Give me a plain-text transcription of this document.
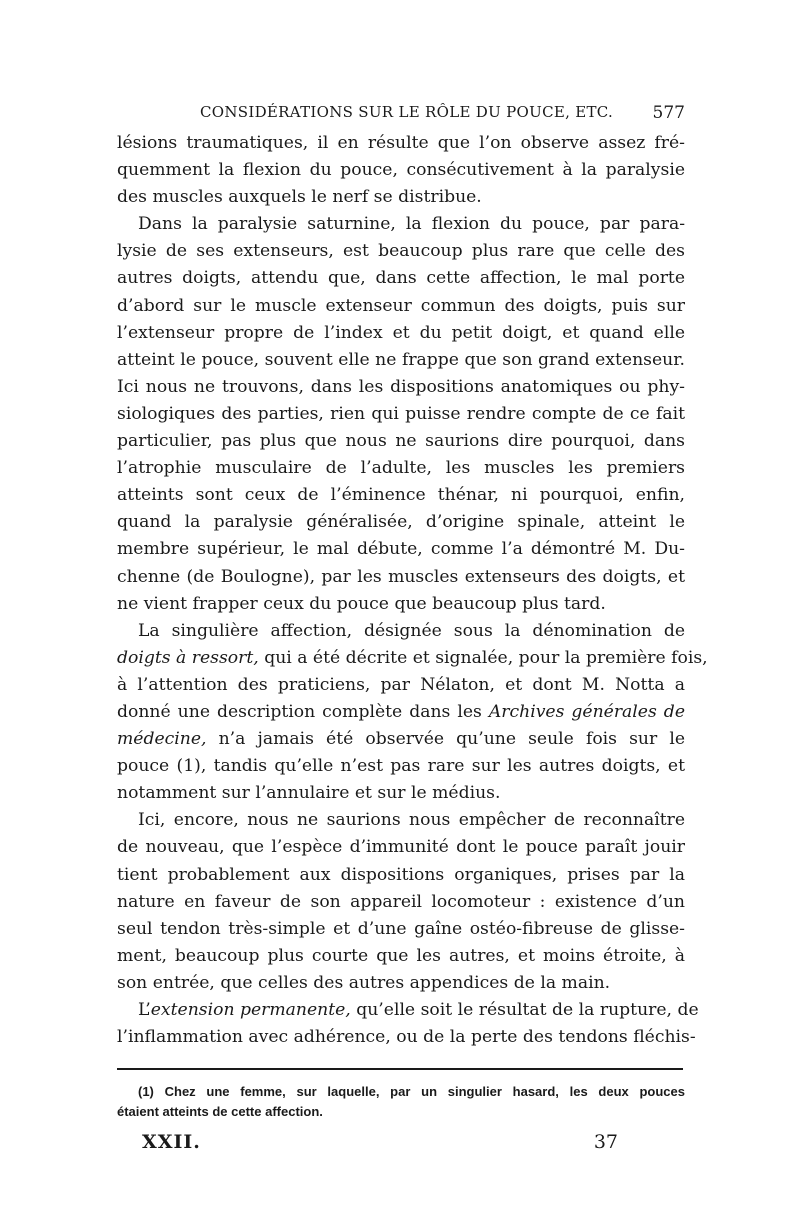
CONSIDÉRATIONS SUR LE RÔLE DU POUCE, ETC. 577
lésions traumatiques, il en résulte que l’on observe assez fré-
quemment la flexion du pouce, consécutivement à la paralysie
des muscles auxquels le nerf se distribue.
Dans la paralysie saturnine, la flexion du pouce, par para-
lysie de ses extenseurs, est beaucoup plus rare que celle des
autres doigts, attendu que, dans cette affection, le mal porte
d’abord sur le muscle extenseur commun des doigts, puis sur
l’extenseur propre de l’index et du petit doigt, et quand elle
atteint le pouce, souvent elle ne frappe que son grand extenseur.
Ici nous ne trouvons, dans les dispositions anatomiques ou phy-
siologiques des parties, rien qui puisse rendre compte de ce fait
particulier, pas plus que nous ne saurions dire pourquoi, dans
l’atrophie musculaire de l’adulte, les muscles les premiers
atteints sont ceux de l’éminence thénar, ni pourquoi, enfin,
quand la paralysie généralisée, d’origine spinale, atteint le
membre supérieur, le mal débute, comme l’a démontré M. Du-
chenne (de Boulogne), par les muscles extenseurs des doigts, et
ne vient frapper ceux du pouce que beaucoup plus tard.
La singulière affection, désignée sous la dénomination de
doigts à ressort, qui a été décrite et signalée, pour la première fois,
à l’attention des praticiens, par Nélaton, et dont M. Notta a
donné une description complète dans les Archives générales de
médecine, n’a jamais été observée qu’une seule fois sur le
pouce (1), tandis qu’elle n’est pas rare sur les autres doigts, et
notamment sur l’annulaire et sur le médius.
Ici, encore, nous ne saurions nous empêcher de reconnaître
de nouveau, que l’espèce d’immunité dont le pouce paraît jouir
tient probablement aux dispositions organiques, prises par la
nature en faveur de son appareil locomoteur : existence d’un
seul tendon très-simple et d’une gaîne ostéo-fibreuse de glisse-
ment, beaucoup plus courte que les autres, et moins étroite, à
son entrée, que celles des autres appendices de la main.
L’extension permanente, qu’elle soit le résultat de la rupture, de
l’inflammation avec adhérence, ou de la perte des tendons fléchis-
(1) Chez une femme, sur laquelle, par un singulier hasard, les deux pouces
étaient atteints de cette affection.
XXII.	37
